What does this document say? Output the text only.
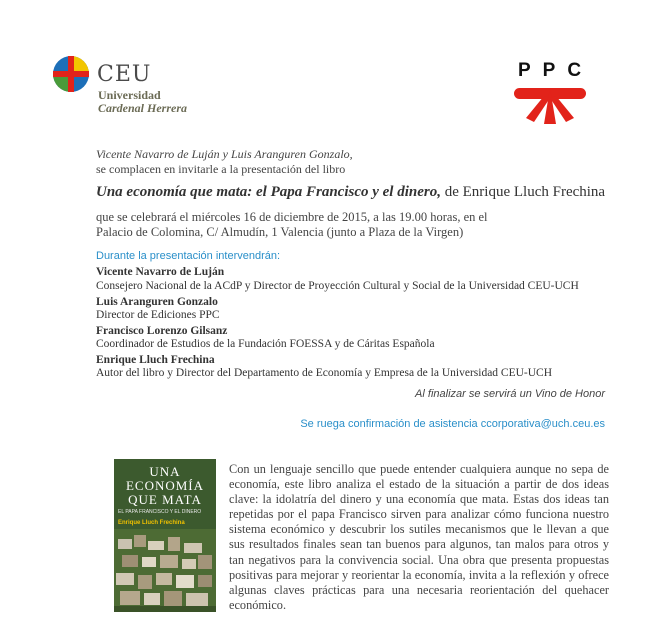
CEU
Universidad
Cardenal Herrera
PPC
Vicente Navarro de Luján y Luis Aranguren Gonzalo,
se complacen en invitarle a la presentación del libro
Una economía que mata: el Papa Francisco y el dinero, de Enrique Lluch Frechina
que se celebrará el miércoles 16 de diciembre de 2015, a las 19.00 horas, en el
Palacio de Colomina, C/ Almudín, 1 Valencia (junto a Plaza de la Virgen)
Durante la presentación intervendrán:
Vicente Navarro de Luján
Consejero Nacional de la ACdP y Director de Proyección Cultural y Social de la Universidad CEU-UCH
Luis Aranguren Gonzalo
Director de Ediciones PPC
Francisco Lorenzo Gilsanz
Coordinador de Estudios de la Fundación FOESSA y de Cáritas Española
Enrique Lluch Frechina
Autor del libro y Director del Departamento de Economía y Empresa de la Universidad CEU-UCH
Al finalizar se servirá un Vino de Honor
Se ruega confirmación de asistencia ccorporativa@uch.ceu.es
UNA
ECONOMÍA
QUE MATA
EL PAPA FRANCISCO Y EL DINERO
Enrique Lluch Frechina
Con un lenguaje sencillo que puede entender cualquiera aunque no sepa de economía, este libro analiza el estado de la situación a partir de dos ideas clave: la idolatría del dinero y una economía que mata. Estas dos ideas tan repetidas por el papa Francisco sirven para analizar cómo funciona nuestro sistema económico y descubrir los sutiles mecanismos que le llevan a que sus resultados finales sean tan buenos para algunos, tan malos para otros y tan negativos para la convivencia social. Una obra que presenta propuestas positivas para mejorar y reorientar la economía, invita a la reflexión y ofrece algunas claves prácticas para una necesaria reorientación del quehacer económico.
